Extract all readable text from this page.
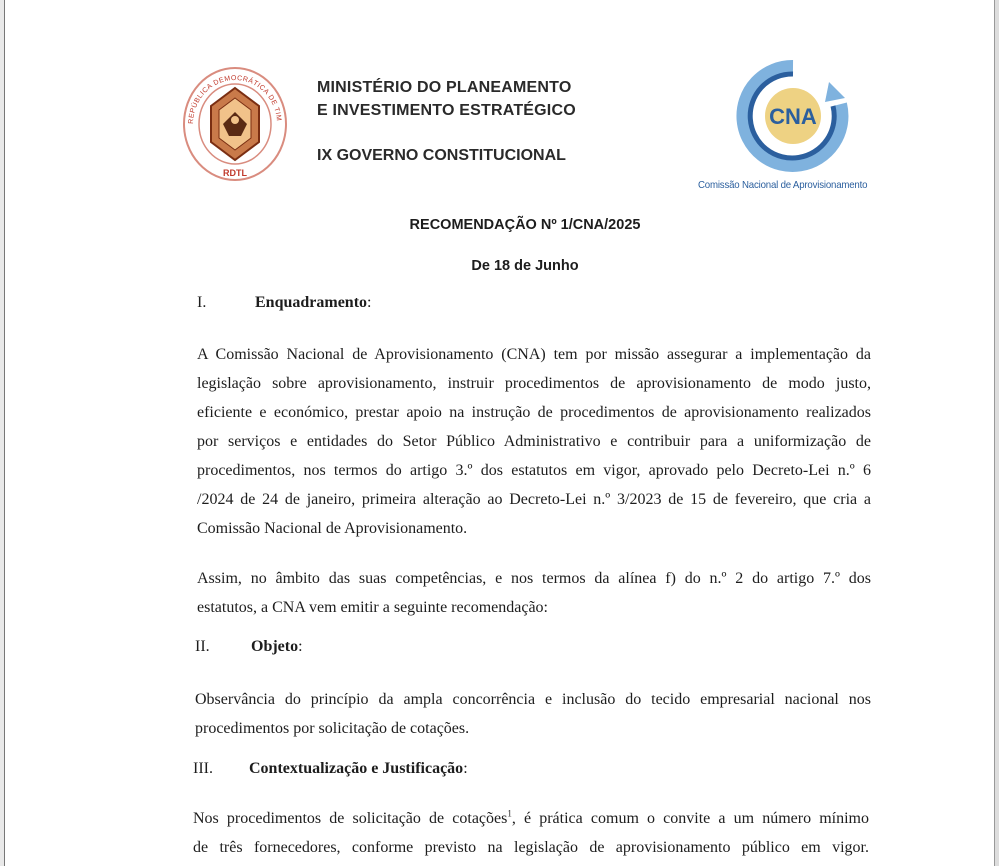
REPÚBLICA DEMOCRÁTICA DE TIM
RDTL
MINISTÉRIO DO PLANEAMENTO
E INVESTIMENTO ESTRATÉGICO
IX GOVERNO CONSTITUCIONAL
CNA
Comissão Nacional de Aprovisionamento
RECOMENDAÇÃO Nº 1/CNA/2025
De 18 de Junho
I.	Enquadramento:
A Comissão Nacional de Aprovisionamento (CNA) tem por missão assegurar a implementação da
legislação sobre aprovisionamento, instruir procedimentos de aprovisionamento de modo justo,
eficiente e económico, prestar apoio na instrução de procedimentos de aprovisionamento realizados
por serviços e entidades do Setor Público Administrativo e contribuir para a uniformização de
procedimentos, nos termos do artigo 3.º dos estatutos em vigor, aprovado pelo Decreto-Lei n.º 6
/2024 de 24 de janeiro, primeira alteração ao Decreto-Lei n.º 3/2023 de 15 de fevereiro, que cria a
Comissão Nacional de Aprovisionamento.
Assim, no âmbito das suas competências, e nos termos da alínea f) do n.º 2 do artigo 7.º dos
estatutos, a CNA vem emitir a seguinte recomendação:
II.	Objeto:
Observância do princípio da ampla concorrência e inclusão do tecido empresarial nacional nos
procedimentos por solicitação de cotações.
III. Contextualização e Justificação:
Nos procedimentos de solicitação de cotações$^1$, é prática comum o convite a um número mínimo
de três fornecedores, conforme previsto na legislação de aprovisionamento público em vigor.
